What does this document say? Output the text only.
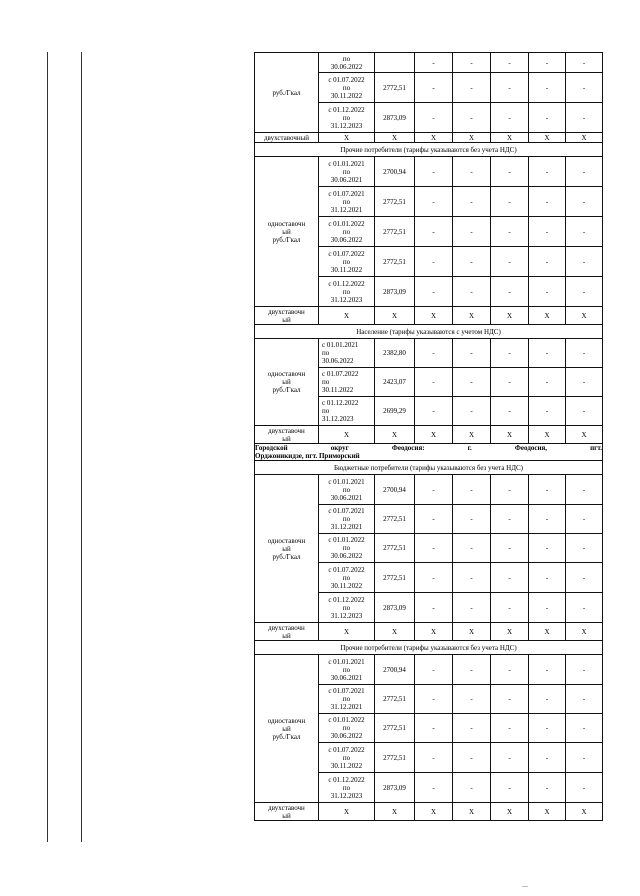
руб./Гкал	по
30.06.2022		-	-	-	-	-
	с 01.07.2022
по
30.11.2022	2772,51	-	-	-	-	-
	с 01.12.2022
по
31.12.2023	2873,09	-	-	-	-	-
двухставочный	X	X	X	X	X	X	X
Прочие потребители (тарифы указываются без учета НДС)							
одноставочн
ый
руб./Гкал	с 01.01.2021
по
30.06.2021	2700,94	-	-	-	-	-
	с 01.07.2021
по
31.12.2021	2772,51	-	-	-	-	-
	с 01.01.2022
по
30.06.2022	2772,51	-	-	-	-	-
	с 01.07.2022
по
30.11.2022	2772,51	-	-	-	-	-
	с 01.12.2022
по
31.12.2023	2873,09	-	-	-	-	-
двухставочн
ый	X	X	X	X	X	X	X
Население (тарифы указываются с учетом НДС)							
одноставочн
ый
руб./Гкал	с 01.01.2021
по
30.06.2022	2382,80	-	-	-	-	-
	с 01.07.2022
по
30.11.2022	2423,07	-	-	-	-	-
	с 01.12.2022
по
31.12.2023	2699,29	-	-	-	-	-
двухставочн
ый	X	X	X	X	X	X	X

Городской округ Феодосия: г. Феодосия, пгт.
Орджоникидзе, пгт. Приморский							

Бюджетные потребители (тарифы указываются без учета НДС)							
одноставочн
ый
руб./Гкал	с 01.01.2021
по
30.06.2021	2700,94	-	-	-	-	-
	с 01.07.2021
по
31.12.2021	2772,51	-	-	-	-	-
	с 01.01.2022
по
30.06.2022	2772,51	-	-	-	-	-
	с 01.07.2022
по
30.11.2022	2772,51	-	-	-	-	-
	с 01.12.2022
по
31.12.2023	2873,09	-	-	-	-	-
двухставочн
ый	X	X	X	X	X	X	X
Прочие потребители (тарифы указываются без учета НДС)							
одноставочн
ый
руб./Гкал	с 01.01.2021
по
30.06.2021	2700,94	-	-	-	-	-
	с 01.07.2021
по
31.12.2021	2772,51	-	-	-	-	-
	с 01.01.2022
по
30.06.2022	2772,51	-	-	-	-	-
	с 01.07.2022
по
30.11.2022	2772,51	-	-	-	-	-
	с 01.12.2022
по
31.12.2023	2873,09	-	-	-	-	-
двухставочн
ый	X	X	X	X	X	X	X
